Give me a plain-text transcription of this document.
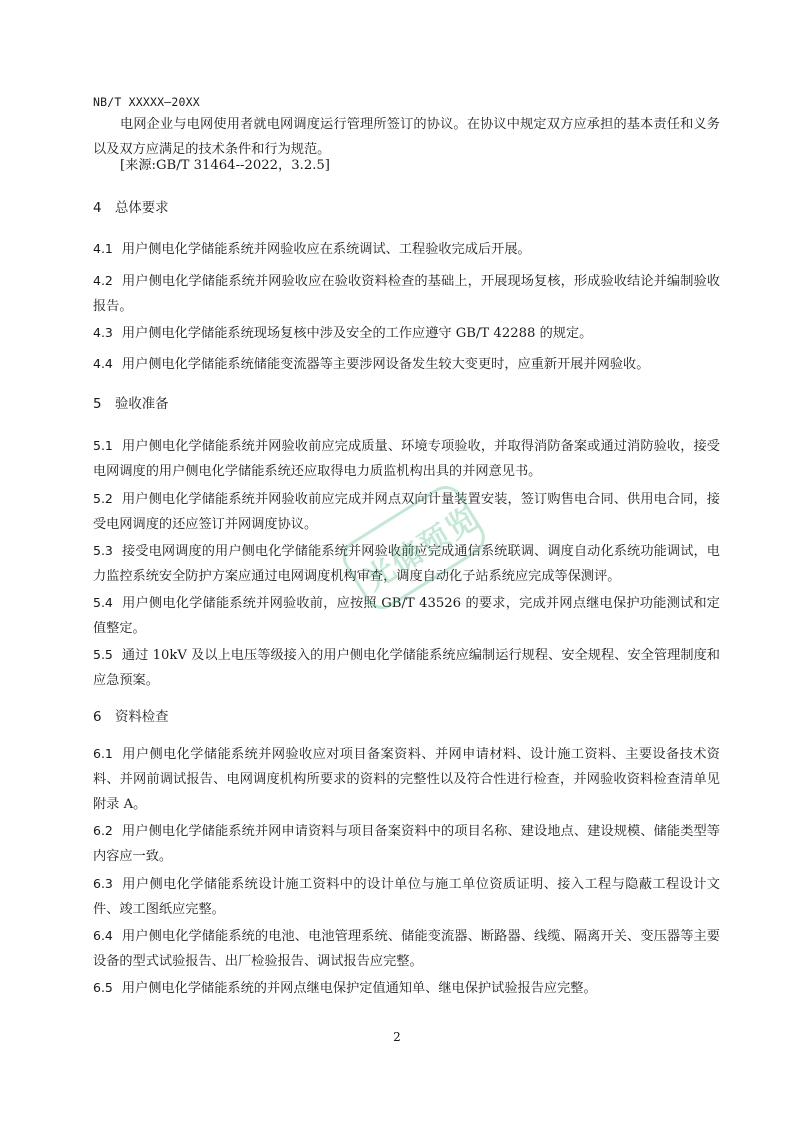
NB/T XXXXX—20XX

电网企业与电网使用者就电网调度运行管理所签订的协议。在协议中规定双方应承担的基本责任和义务以及双方应满足的技术条件和行为规范。

[来源:GB/T 31464--2022，3.2.5]
4 总体要求

4.1 用户侧电化学储能系统并网验收应在系统调试、工程验收完成后开展。

4.2 用户侧电化学储能系统并网验收应在验收资料检查的基础上，开展现场复核，形成验收结论并编制验收报告。

4.3 用户侧电化学储能系统现场复核中涉及安全的工作应遵守 GB/T 42288 的规定。

4.4 用户侧电化学储能系统储能变流器等主要涉网设备发生较大变更时，应重新开展并网验收。

5 验收准备

5.1 用户侧电化学储能系统并网验收前应完成质量、环境专项验收，并取得消防备案或通过消防验收，接受电网调度的用户侧电化学储能系统还应取得电力质监机构出具的并网意见书。

5.2 用户侧电化学储能系统并网验收前应完成并网点双向计量装置安装，签订购售电合同、供用电合同，接受电网调度的还应签订并网调度协议。

5.3 接受电网调度的用户侧电化学储能系统并网验收前应完成通信系统联调、调度自动化系统功能调试，电力监控系统安全防护方案应通过电网调度机构审查，调度自动化子站系统应完成等保测评。

5.4 用户侧电化学储能系统并网验收前，应按照 GB/T 43526 的要求，完成并网点继电保护功能测试和定值整定。

5.5 通过 10kV 及以上电压等级接入的用户侧电化学储能系统应编制运行规程、安全规程、安全管理制度和应急预案。

6 资料检查

6.1 用户侧电化学储能系统并网验收应对项目备案资料、并网申请材料、设计施工资料、主要设备技术资料、并网前调试报告、电网调度机构所要求的资料的完整性以及符合性进行检查，并网验收资料检查清单见附录 A。

6.2 用户侧电化学储能系统并网申请资料与项目备案资料中的项目名称、建设地点、建设规模、储能类型等内容应一致。

6.3 用户侧电化学储能系统设计施工资料中的设计单位与施工单位资质证明、接入工程与隐蔽工程设计文件、竣工图纸应完整。

6.4 用户侧电化学储能系统的电池、电池管理系统、储能变流器、断路器、线缆、隔离开关、变压器等主要设备的型式试验报告、出厂检验报告、调试报告应完整。

6.5 用户侧电化学储能系统的并网点继电保护定值通知单、继电保护试验报告应完整。

2
光储预览
